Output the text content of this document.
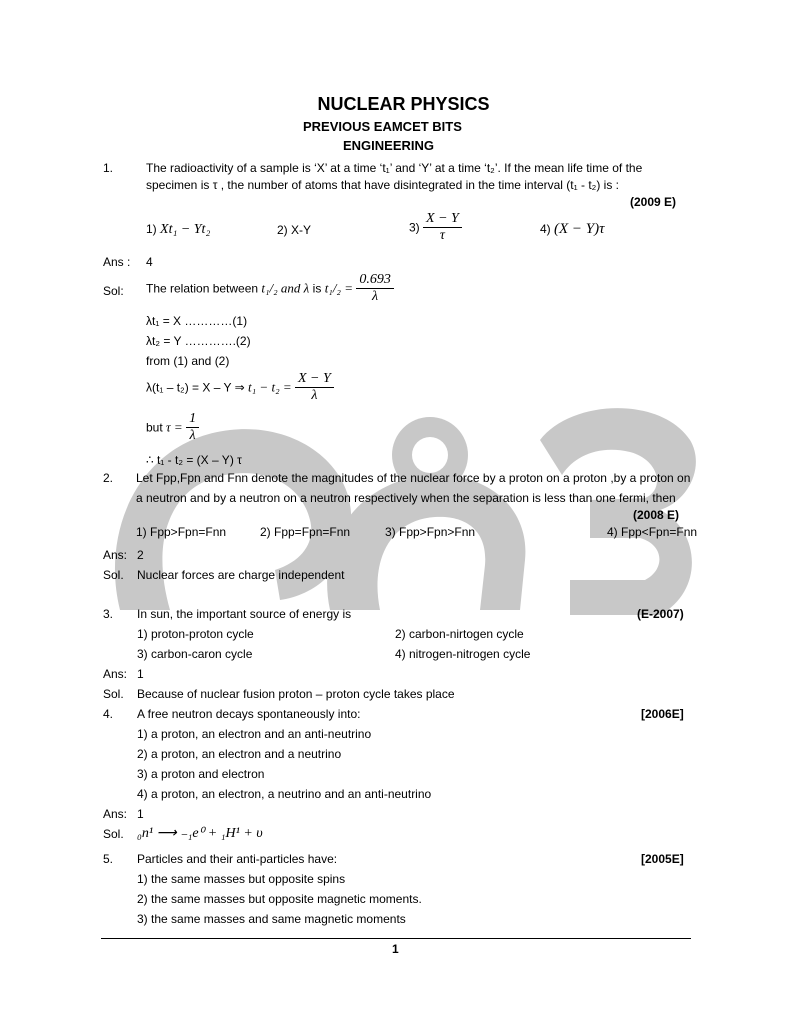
NUCLEAR PHYSICS
PREVIOUS EAMCET BITS
ENGINEERING
1.	The radioactivity of a sample is ‘X’ at a time ‘t₁’ and ‘Y’ at a time ‘t₂’. If the mean life time of the
specimen is τ , the number of atoms that have disintegrated in the time interval (t₁ - t₂) is :
(2009 E)
1) Xt₁ − Yt₂	2) X-Y	$3) \frac{X - Y}{\tau}$	4) (X − Y)τ
Ans : 4
Sol: The relation between t₁/₂ and λ is $t_1/_2 = \frac{0.693}{\lambda}$
λt₁ = X …………(1)
λt₂ = Y ………….(2)
from (1) and (2)
λ(t₁ – t₂) = X – Y ⇒ $t_1 - t_2 = \frac{X - Y}{\lambda}$
but $\tau = \frac{1}{\lambda}$
∴ t₁ - t₂ = (X – Y) τ
2. Let Fpp,Fpn and Fnn denote the magnitudes of the nuclear force by a proton on a proton ,by a proton on
a neutron and by a neutron on a neutron respectively when the separation is less than one fermi, then
(2008 E)
1) Fpp>Fpn=Fnn	2) Fpp=Fpn=Fnn	3) Fpp>Fpn>Fnn	4) Fpp<Fpn=Fnn
Ans: 2
Sol. Nuclear forces are charge independent
3. In sun, the important source of energy is	(E-2007)
1) proton-proton cycle	2) carbon-nirtogen cycle
3) carbon-caron cycle	4) nitrogen-nitrogen cycle
Ans: 1
Sol. Because of nuclear fusion proton – proton cycle takes place
4. A free neutron decays spontaneously into:	[2006E]
1) a proton, an electron and an anti-neutrino
2) a proton, an electron and a neutrino
3) a proton and electron
4) a proton, an electron, a neutrino and an anti-neutrino
Ans: 1
Sol. ₀n¹ ⟶ ₋₁e⁰ + ₁H¹ + υ
5. Particles and their anti-particles have:	[2005E]
1) the same masses but opposite spins
2) the same masses but opposite magnetic moments.
3) the same masses and same magnetic moments
1
